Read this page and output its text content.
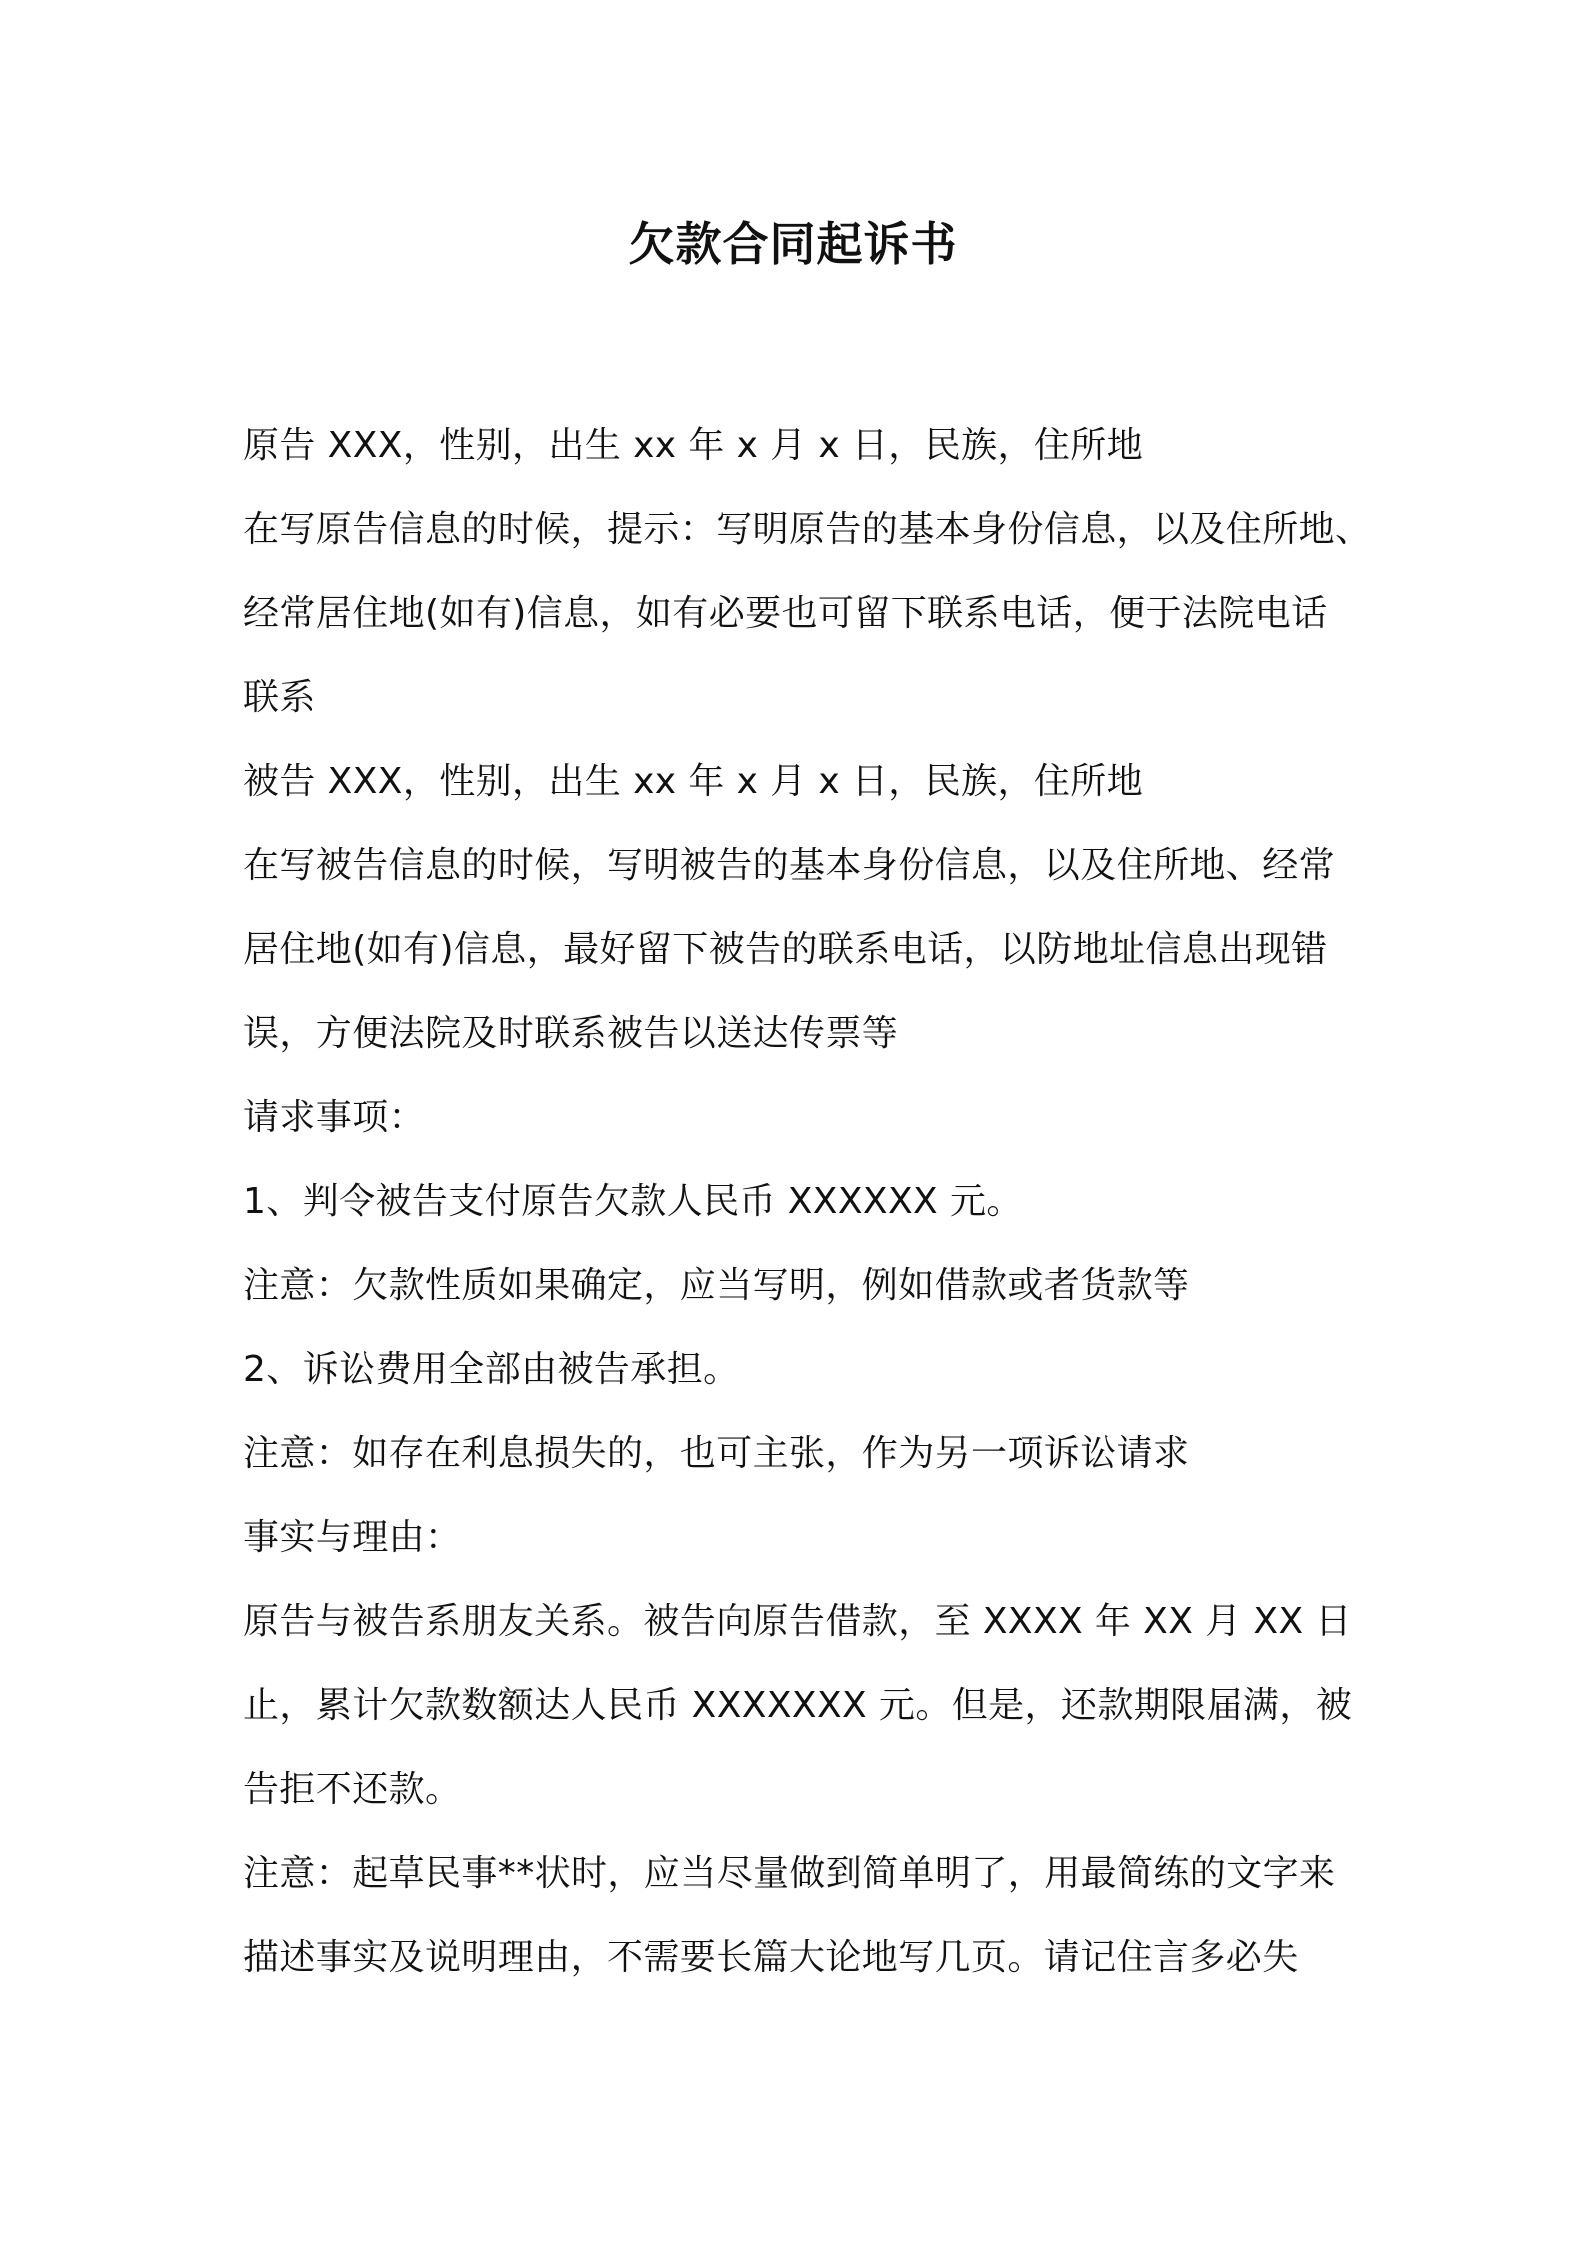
欠款合同起诉书
原告 XXX，性别，出生 xx 年 x 月 x 日，民族，住所地
在写原告信息的时候，提示：写明原告的基本身份信息，以及住所地、
经常居住地(如有)信息，如有必要也可留下联系电话，便于法院电话
联系
被告 XXX，性别，出生 xx 年 x 月 x 日，民族，住所地
在写被告信息的时候，写明被告的基本身份信息，以及住所地、经常
居住地(如有)信息，最好留下被告的联系电话，以防地址信息出现错
误，方便法院及时联系被告以送达传票等
请求事项：
1、判令被告支付原告欠款人民币 XXXXXX 元。
注意：欠款性质如果确定，应当写明，例如借款或者货款等
2、诉讼费用全部由被告承担。
注意：如存在利息损失的，也可主张，作为另一项诉讼请求
事实与理由：
原告与被告系朋友关系。被告向原告借款，至 XXXX 年 XX 月 XX 日
止，累计欠款数额达人民币 XXXXXXX 元。但是，还款期限届满，被
告拒不还款。
注意：起草民事**状时，应当尽量做到简单明了，用最简练的文字来
描述事实及说明理由，不需要长篇大论地写几页。请记住言多必失
